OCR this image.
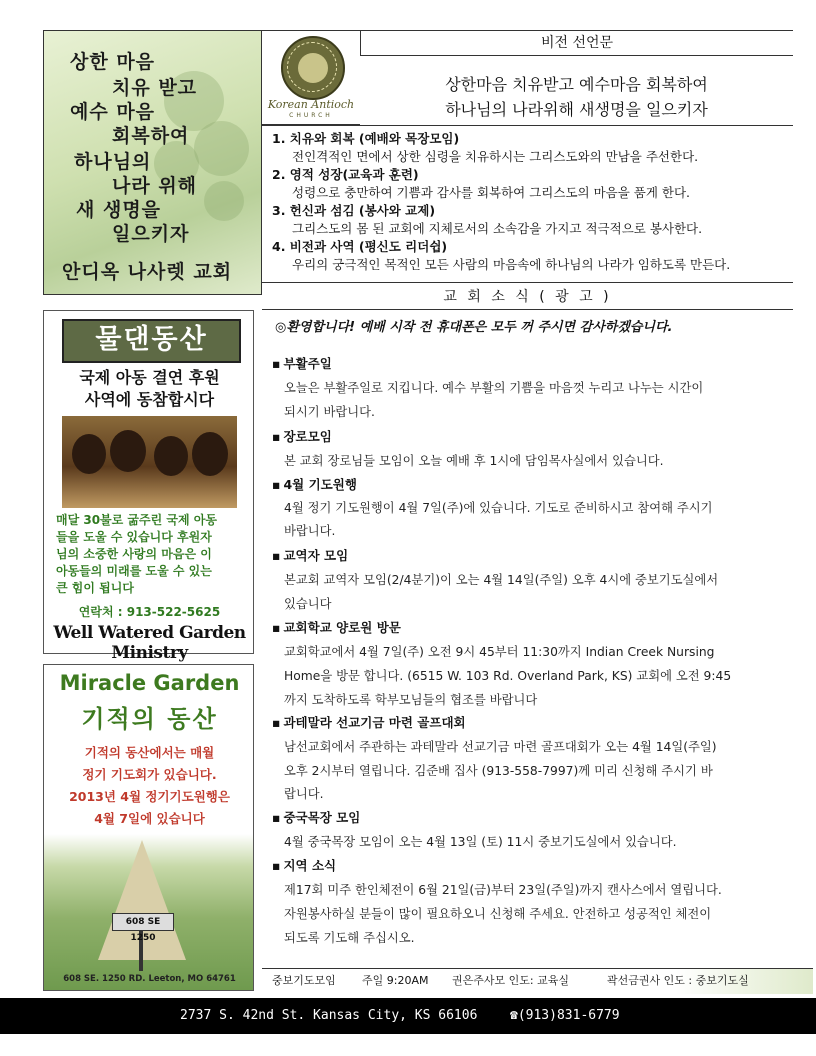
상한 마음
치유 받고
예수 마음
회복하여
하나님의
나라 위해
새 생명을
일으키자
안디옥 나사렛 교회
Korean Antioch
CHURCH
비전 선언문
상한마음 치유받고 예수마음 회복하여
하나님의 나라위해 새생명을 일으키자
1. 치유와 회복 (예배와 목장모임)
전인격적인 면에서 상한 심령을 치유하시는 그리스도와의 만남을 주선한다.
2. 영적 성장(교육과 훈련)
성령으로 충만하여 기쁨과 감사를 회복하여 그리스도의 마음을 품게 한다.
3. 헌신과 섬김 (봉사와 교제)
그리스도의 몸 된 교회에 지체로서의 소속감을 가지고 적극적으로 봉사한다.
4. 비전과 사역 (평신도 리더쉽)
우리의 궁극적인 목적인 모든 사람의 마음속에 하나님의 나라가 임하도록 만든다.
교 회 소 식 ( 광 고 )
◎환영합니다! 예배 시작 전 휴대폰은 모두 꺼 주시면 감사하겠습니다.
▪ 부활주일
오늘은 부활주일로 지킵니다. 예수 부활의 기쁨을 마음껏 누리고 나누는 시간이
되시기 바랍니다.
▪ 장로모임
본 교회 장로님들 모임이 오늘 예배 후 1시에 담임목사실에서 있습니다.
▪ 4월 기도원행
4월 정기 기도원행이 4월 7일(주)에 있습니다. 기도로 준비하시고 참여해 주시기
바랍니다.
▪ 교역자 모임
본교회 교역자 모임(2/4분기)이 오는 4월 14일(주일) 오후 4시에 중보기도실에서
있습니다
▪ 교회학교 양로원 방문
교회학교에서 4월 7일(주) 오전 9시 45부터 11:30까지 Indian Creek Nursing
Home을 방문 합니다. (6515 W. 103 Rd. Overland Park, KS) 교회에 오전 9:45
까지 도착하도록 학부모님들의 협조를 바랍니다
▪ 과테말라 선교기금 마련 골프대회
남선교회에서 주관하는 과테말라 선교기금 마련 골프대회가 오는 4월 14일(주일)
오후 2시부터 열립니다. 김준배 집사 (913-558-7997)께 미리 신청해 주시기 바
랍니다.
▪ 중국목장 모임
4월 중국목장 모임이 오는 4월 13일 (토) 11시 중보기도실에서 있습니다.
▪ 지역 소식
제17회 미주 한인체전이 6월 21일(금)부터 23일(주일)까지 캔사스에서 열립니다.
자원봉사하실 분들이 많이 필요하오니 신청해 주세요. 안전하고 성공적인 체전이
되도록 기도해 주십시오.
물댄동산
국제 아동 결연 후원
사역에 동참합시다
매달 30불로 굶주린 국제 아동
들을 도울 수 있습니다 후원자
님의 소중한 사랑의 마음은 이
아동들의 미래를 도울 수 있는
큰 힘이 됩니다
연락처 : 913-522-5625
Well Watered Garden Ministry
Miracle Garden
기적의 동산
기적의 동산에서는 매월
정기 기도회가 있습니다.
2013년 4월 정기기도원행은
4월 7일에 있습니다
608 SE 1250
608 SE. 1250 RD. Leeton, MO 64761	중보기도모임 주일 9:20AM 권은주사모 인도: 교육실	곽선금권사 인도 : 중보기도실
2737 S. 42nd St. Kansas City, KS 66106	☎(913)831-6779
